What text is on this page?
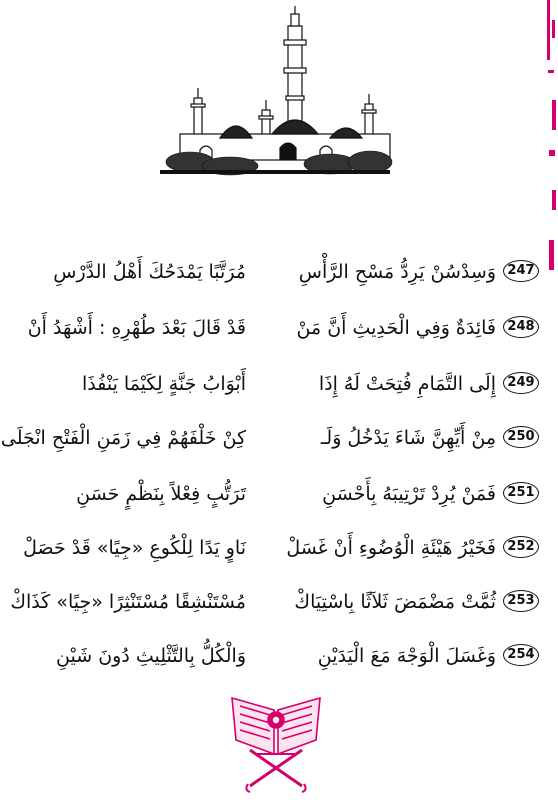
247
وَسِدْسُنْ يَرِدُّ مَسْحِ الرَّأْسِ
مُرَتَّبًا يَمْدَحُكَ أَهْلُ الدَّرْسِ
248
فَائِدَةٌ وَفِي الْحَدِيثِ أَنَّ مَنْ
قَدْ قَالَ بَعْدَ طُهْرِهِ : أَشْهَدُ أَنْ
249
إِلَى التَّمَامِ فُتِحَتْ لَهُ إِذَا
أَبْوَابُ جَنَّةٍ لِكَيْمَا يَنْفُذَا
250
مِنْ أَيِّهِنَّ شَاءَ يَدْخُلُ وَلَـ
كِنْ خَلْفَهُمْ فِي زَمَنِ الْفَتْحِ انْجَلَى
251
فَمَنْ يُرِدْ تَرْتِيبَهُ بِأَحْسَنِ
تَرَتُّبٍ فِعْلاً بِنَظْمٍ حَسَنِ
252
فَخَيْرُ هَيْئَةِ الْوُضُوءِ أَنْ غَسَلْ
نَاوٍ يَدًا لِلْكُوعِ «جِيًا» قَدْ حَصَلْ
253
ثُمَّتْ مَضْمَضَ ثَلاَثًا بِاسْتِيَاكْ
مُسْتَنْشِقًا مُسْتَنْثِرًا «جِيًا» كَذَاكْ
254
وَغَسَلَ الْوَجْهَ مَعَ الْيَدَيْنِ
وَالْكُلُّ بِالتَّثْلِيثِ دُونَ شَيْنِ
